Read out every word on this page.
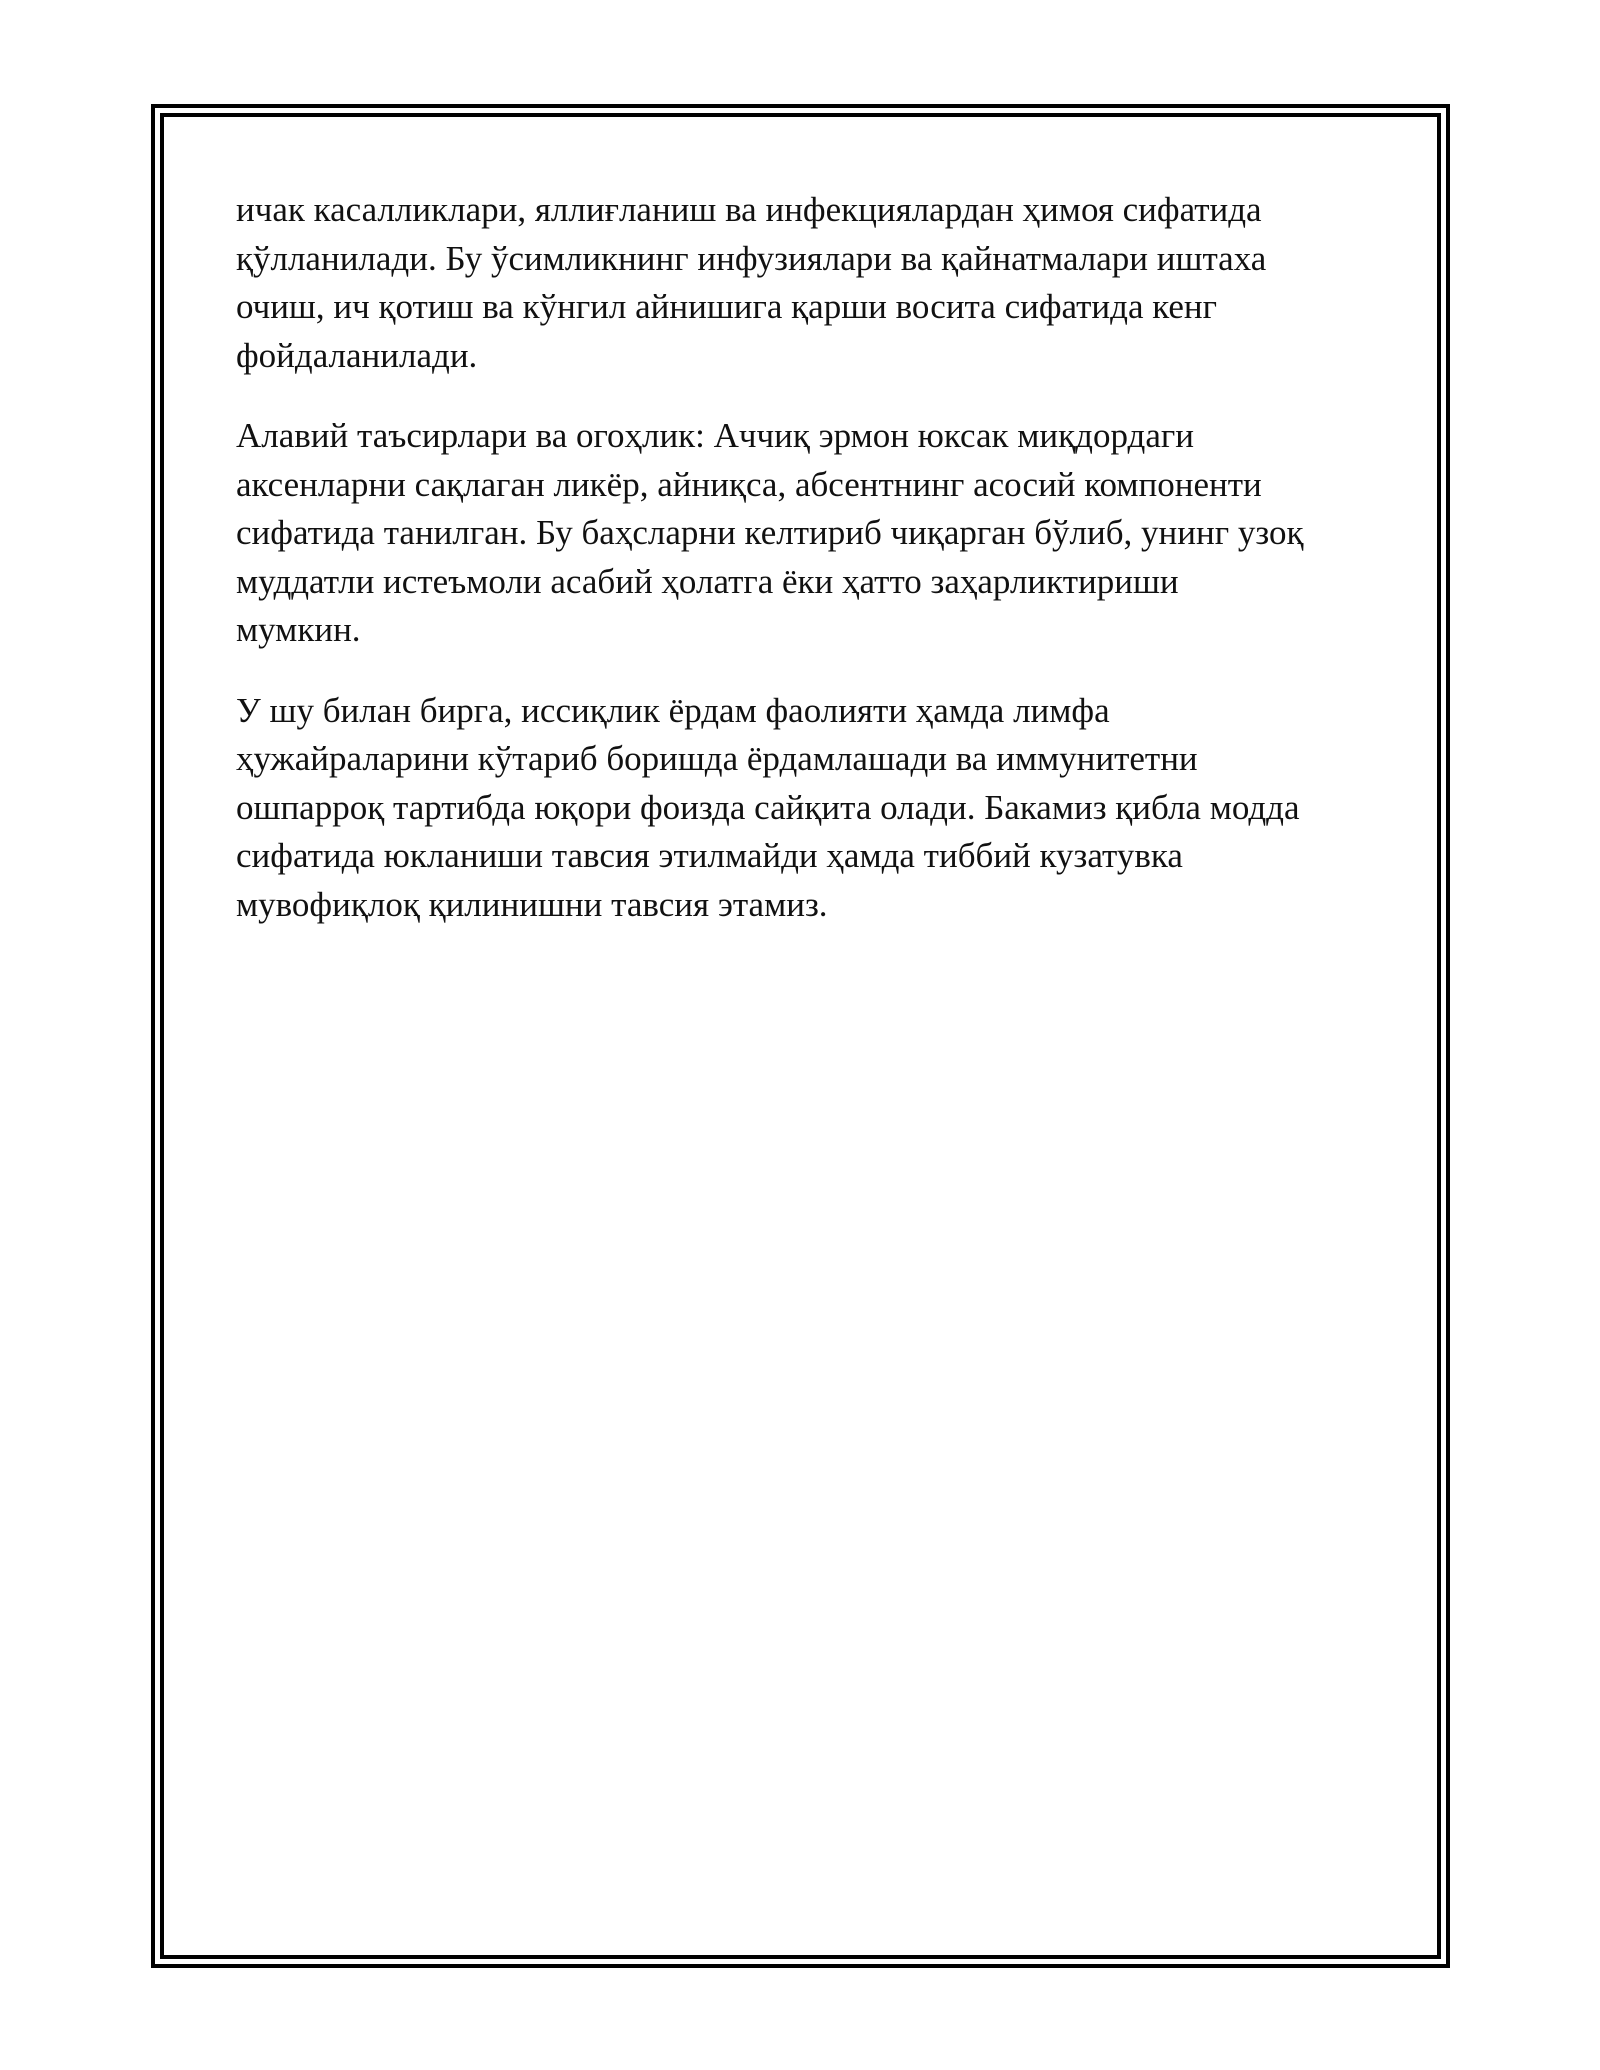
ичак касалликлари, яллиғланиш ва инфекциялардан ҳимоя сифатида
қўлланилади. Бу ўсимликнинг инфузиялари ва қайнатмалари иштаха
очиш, ич қотиш ва кўнгил айнишига қарши восита сифатида кенг
фойдаланилади.

Алавий таъсирлари ва огоҳлик: Аччиқ эрмон юксак миқдордаги
аксенларни сақлаган ликёр, айниқса, абсентнинг асосий компоненти
сифатида танилган. Бу баҳсларни келтириб чиқарган бўлиб, унинг узоқ
муддатли истеъмоли асабий ҳолатга ёки ҳатто заҳарликтириши
мумкин.

У шу билан бирга, иссиқлик ёрдам фаолияти ҳамда лимфа
ҳужайраларини кўтариб боришда ёрдамлашади ва иммунитетни
ошпарроқ тартибда юқори фоизда сайқита олади. Бакамиз қибла модда
сифатида юкланиши тавсия этилмайди ҳамда тиббий кузатувка
мувофиқлоқ қилинишни тавсия этамиз.
